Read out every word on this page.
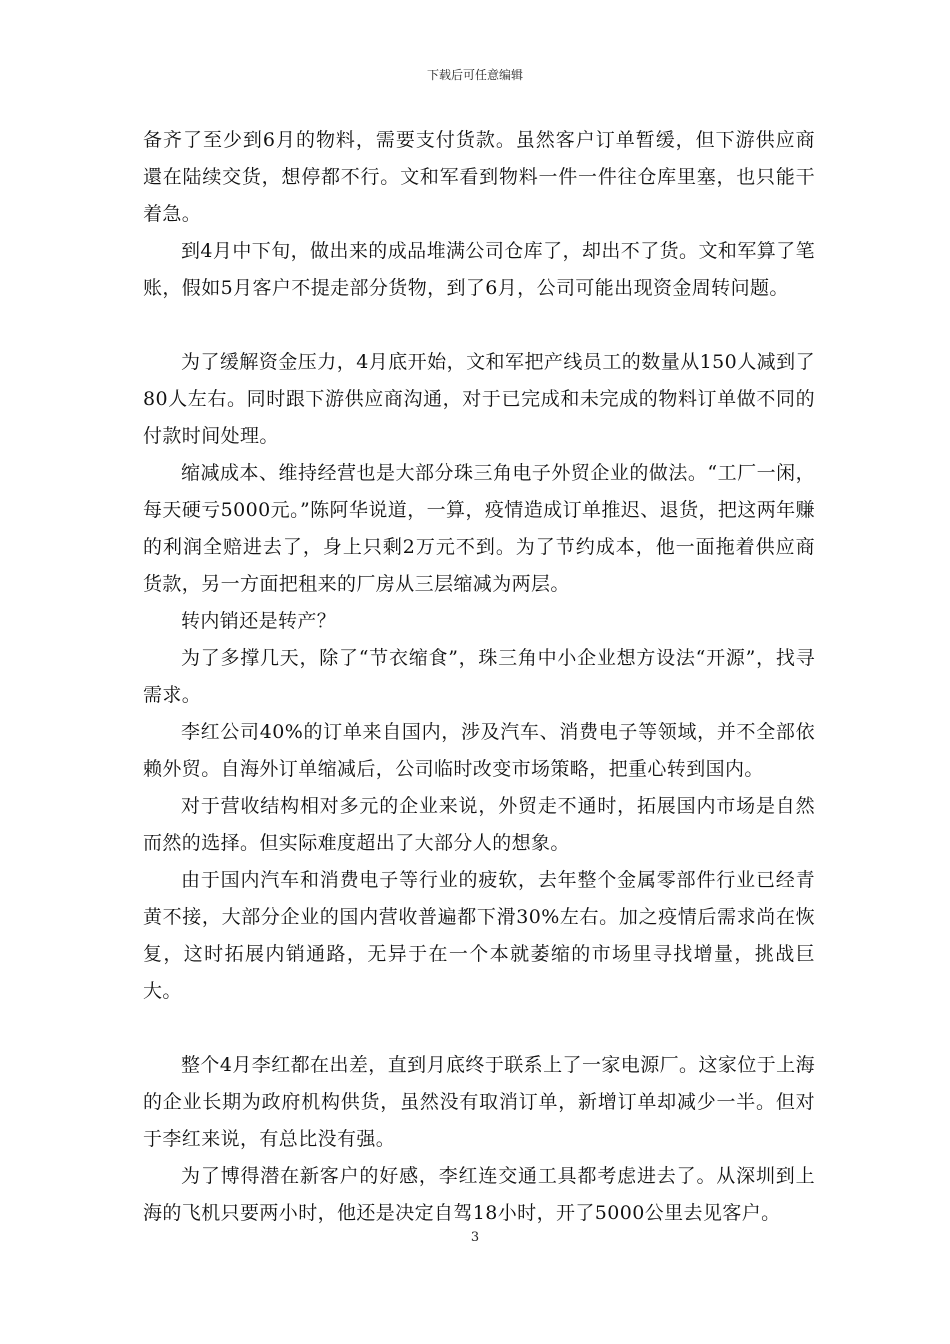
下载后可任意编辑

备齐了至少到6月的物料，需要支付货款。虽然客户订单暂缓，但下游供应商還在陆续交货，想停都不行。文和军看到物料一件一件往仓库里塞，也只能干着急。

到4月中下旬，做出来的成品堆满公司仓库了，却出不了货。文和军算了笔账，假如5月客户不提走部分货物，到了6月，公司可能出现资金周转问题。

为了缓解资金压力，4月底开始，文和军把产线员工的数量从150人减到了80人左右。同时跟下游供应商沟通，对于已完成和未完成的物料订单做不同的付款时间处理。

缩减成本、维持经营也是大部分珠三角电子外贸企业的做法。“工厂一闲，每天硬亏5000元。”陈阿华说道，一算，疫情造成订单推迟、退货，把这两年赚的利润全赔进去了，身上只剩2万元不到。为了节约成本，他一面拖着供应商货款，另一方面把租来的厂房从三层缩减为两层。

转内销还是转产？

为了多撑几天，除了“节衣缩食”，珠三角中小企业想方设法“开源”，找寻需求。

李红公司40%的订单来自国内，涉及汽车、消费电子等领域，并不全部依赖外贸。自海外订单缩减后，公司临时改变市场策略，把重心转到国内。

对于营收结构相对多元的企业来说，外贸走不通时，拓展国内市场是自然而然的选择。但实际难度超出了大部分人的想象。

由于国内汽车和消费电子等行业的疲软，去年整个金属零部件行业已经青黄不接，大部分企业的国内营收普遍都下滑30%左右。加之疫情后需求尚在恢复，这时拓展内销通路，无异于在一个本就萎缩的市场里寻找增量，挑战巨大。

整个4月李红都在出差，直到月底终于联系上了一家电源厂。这家位于上海的企业长期为政府机构供货，虽然没有取消订单，新增订单却减少一半。但对于李红来说，有总比没有强。

为了博得潜在新客户的好感，李红连交通工具都考虑进去了。从深圳到上海的飞机只要两小时，他还是决定自驾18小时，开了5000公里去见客户。

3
